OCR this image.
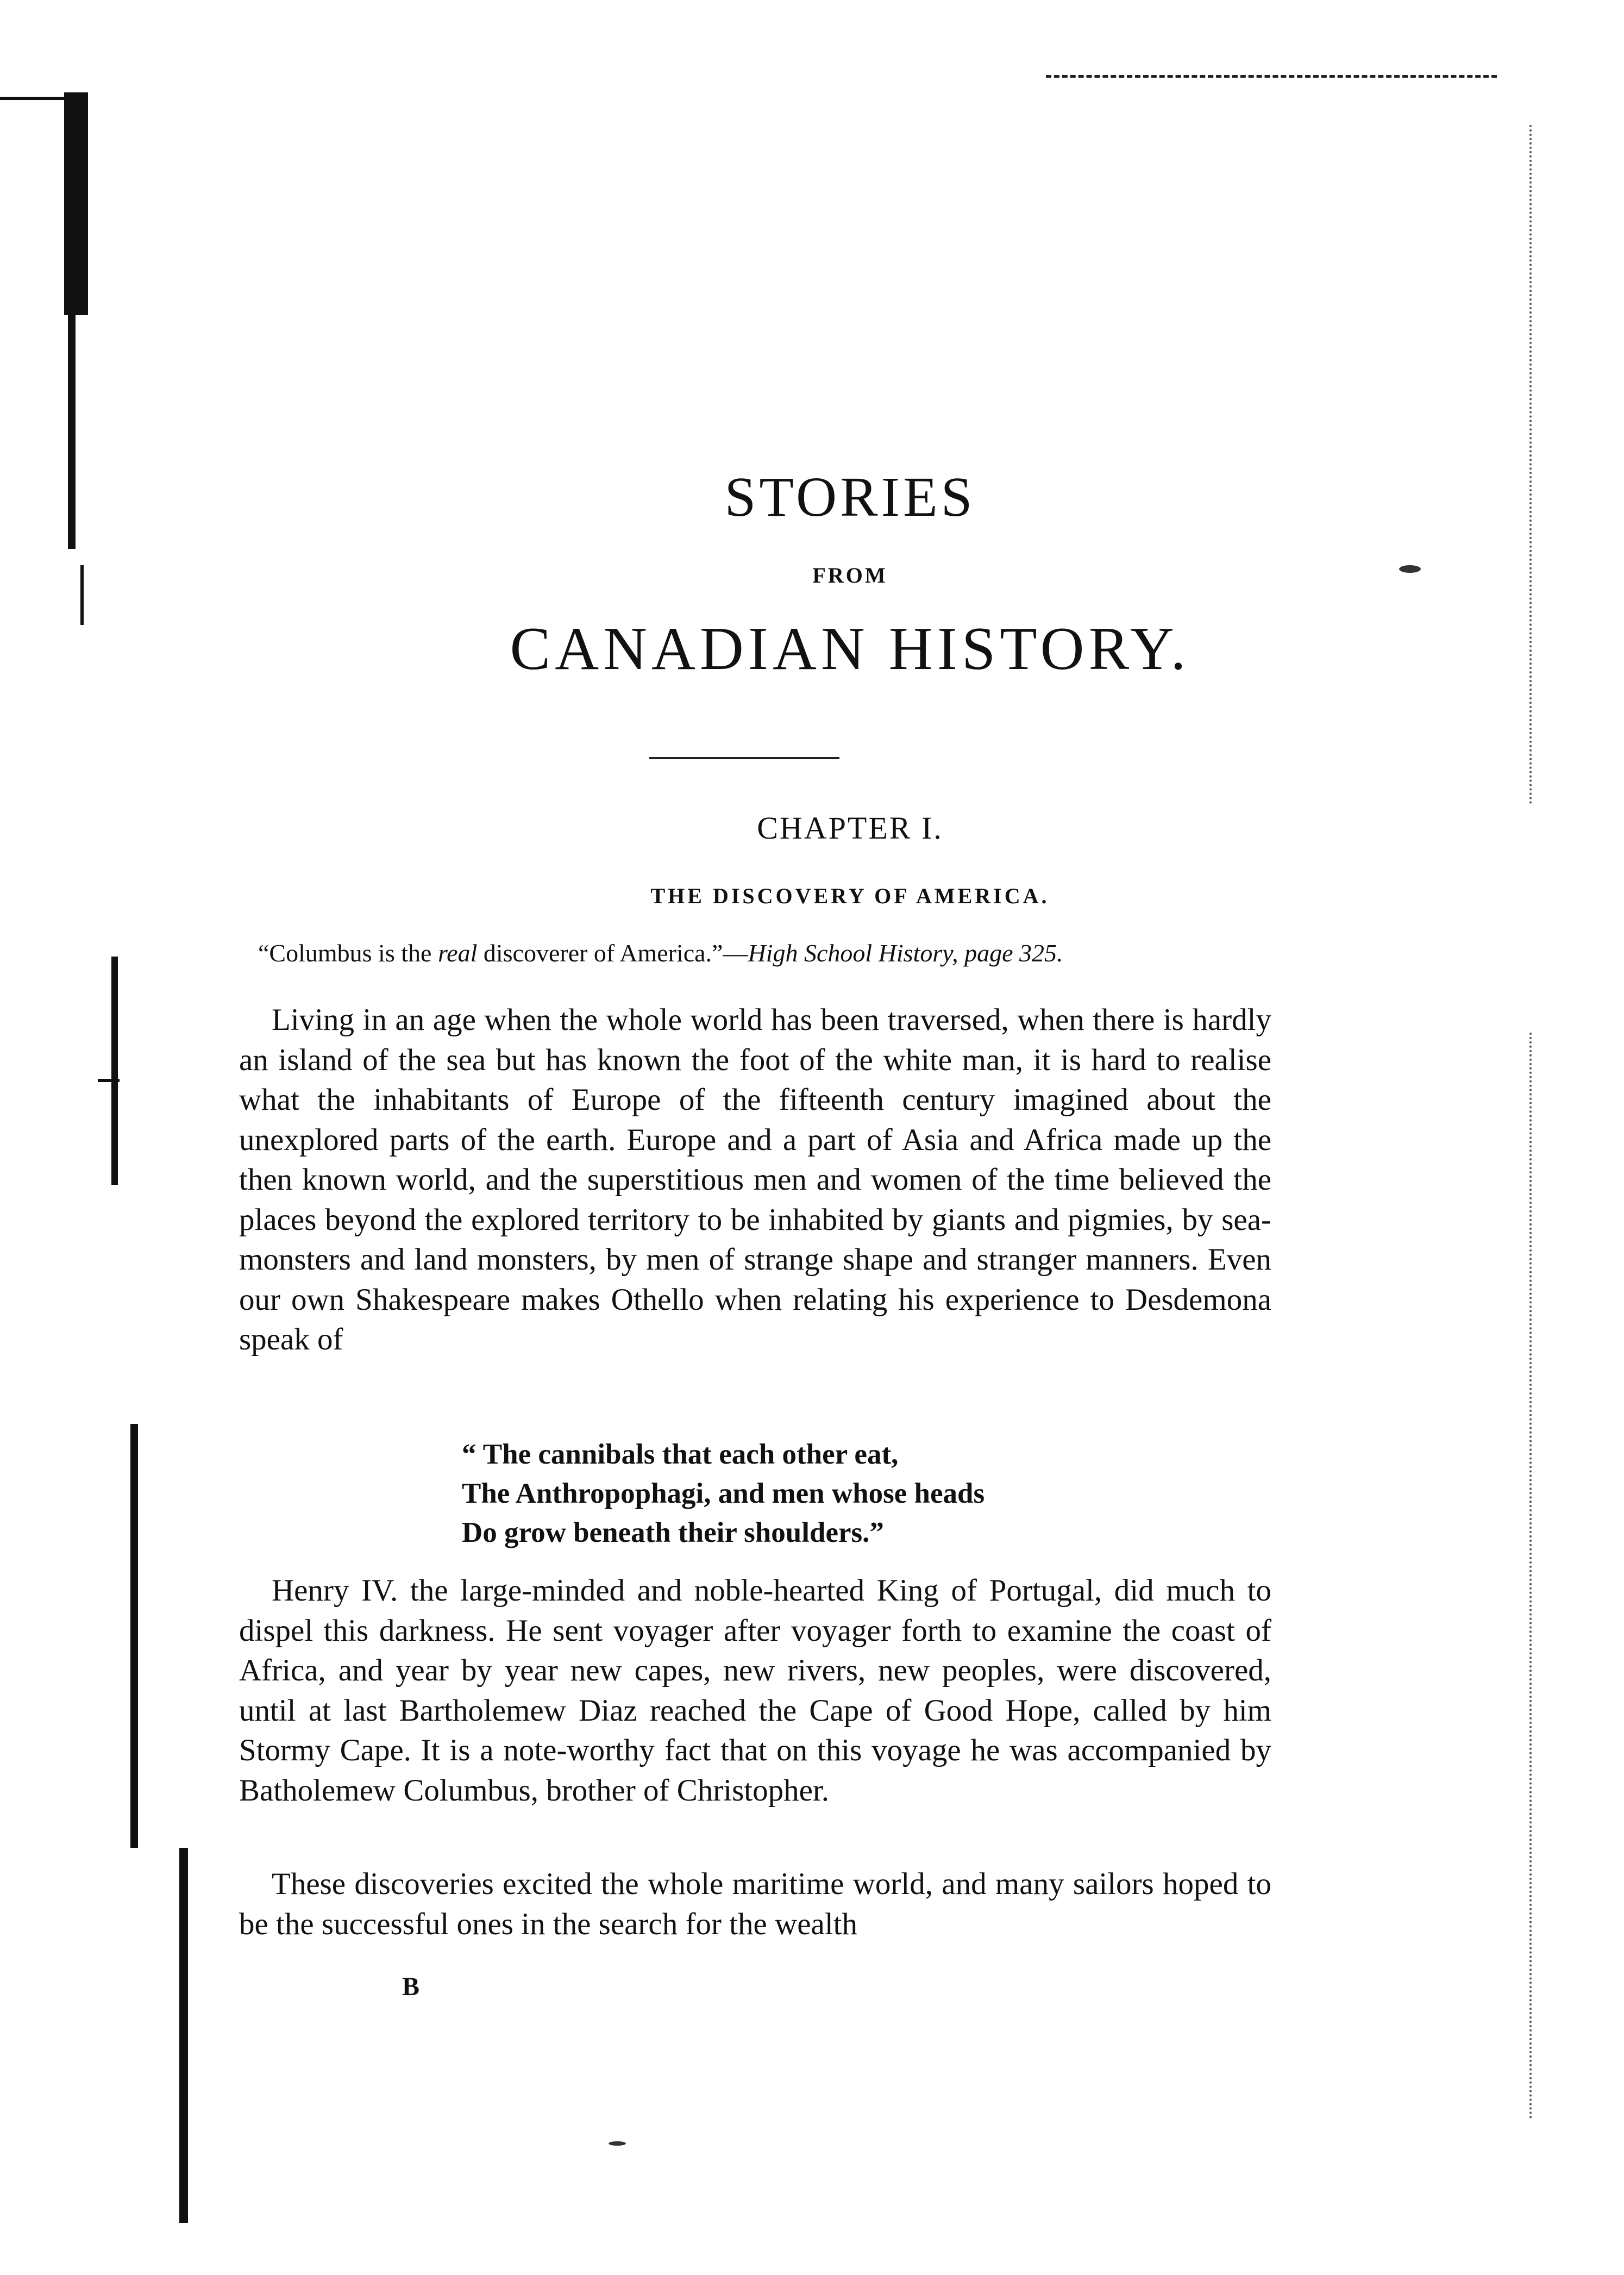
STORIES
FROM
CANADIAN HISTORY.
CHAPTER I.
THE DISCOVERY OF AMERICA.
“Columbus is the real discoverer of America.”—High School History, page 325.

Living in an age when the whole world has been traversed, when there is hardly an island of the sea but has known the foot of the white man, it is hard to realise what the inhabitants of Europe of the fifteenth century imagined about the unexplored parts of the earth. Europe and a part of Asia and Africa made up the then known world, and the superstitious men and women of the time believed the places beyond the explored territory to be inhabited by giants and pigmies, by sea-monsters and land monsters, by men of strange shape and stranger manners. Even our own Shakespeare makes Othello when relating his experience to Desdemona speak of

“ The cannibals that each other eat,
The Anthropophagi, and men whose heads
Do grow beneath their shoulders.”

Henry IV. the large-minded and noble-hearted King of Portugal, did much to dispel this darkness. He sent voyager after voyager forth to examine the coast of Africa, and year by year new capes, new rivers, new peoples, were discovered, until at last Bartholemew Diaz reached the Cape of Good Hope, called by him Stormy Cape. It is a note-worthy fact that on this voyage he was accompanied by Batholemew Columbus, brother of Christopher.

These discoveries excited the whole maritime world, and many sailors hoped to be the successful ones in the search for the wealth

B
